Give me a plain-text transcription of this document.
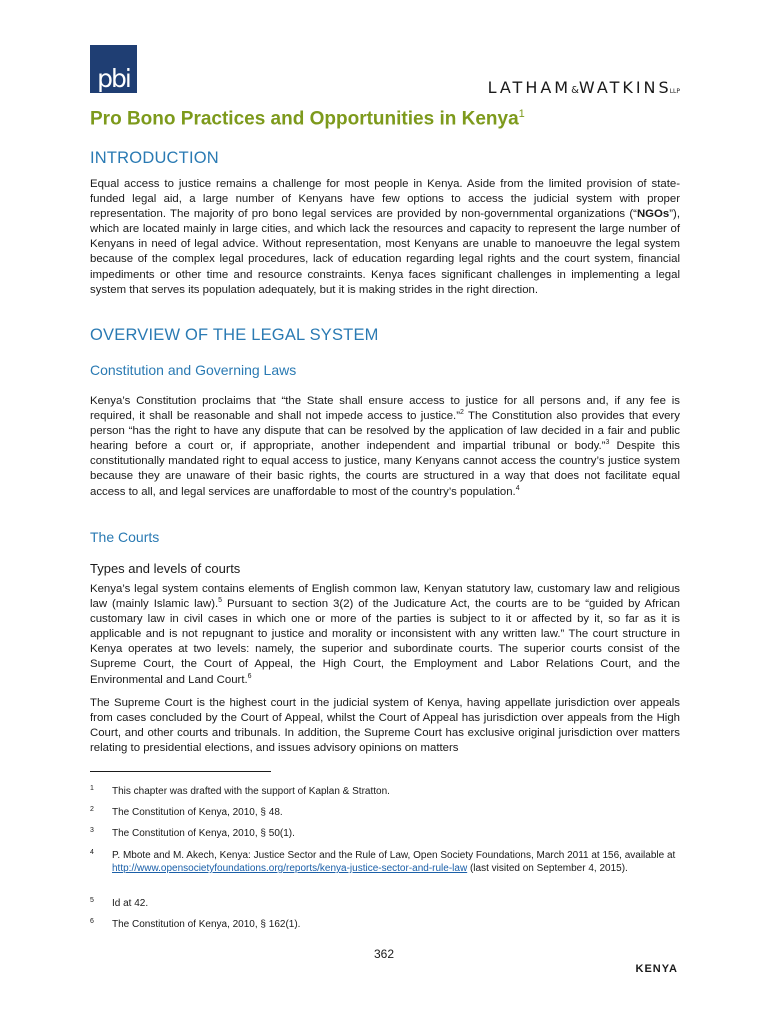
pbi	LATHAM&WATKINSLLP
Pro Bono Practices and Opportunities in Kenya$^1$
INTRODUCTION

Equal access to justice remains a challenge for most people in Kenya. Aside from the limited provision of state-funded legal aid, a large number of Kenyans have few options to access the judicial system with proper representation. The majority of pro bono legal services are provided by non-governmental organizations (“NGOs”), which are located mainly in large cities, and which lack the resources and capacity to represent the large number of Kenyans in need of legal advice. Without representation, most Kenyans are unable to manoeuvre the legal system because of the complex legal procedures, lack of education regarding legal rights and the court system, financial impediments or other time and resource constraints. Kenya faces significant challenges in implementing a legal system that serves its population adequately, but it is making strides in the right direction.

OVERVIEW OF THE LEGAL SYSTEM
Constitution and Governing Laws

Kenya’s Constitution proclaims that “the State shall ensure access to justice for all persons and, if any fee is required, it shall be reasonable and shall not impede access to justice.”$^2$ The Constitution also provides that every person “has the right to have any dispute that can be resolved by the application of law decided in a fair and public hearing before a court or, if appropriate, another independent and impartial tribunal or body.”$^3$ Despite this constitutionally mandated right to equal access to justice, many Kenyans cannot access the country’s justice system because they are unaware of their basic rights, the courts are structured in a way that does not facilitate equal access to all, and legal services are unaffordable to most of the country’s population.$^4$

The Courts
Types and levels of courts

Kenya’s legal system contains elements of English common law, Kenyan statutory law, customary law and religious law (mainly Islamic law).$^5$ Pursuant to section 3(2) of the Judicature Act, the courts are to be “guided by African customary law in civil cases in which one or more of the parties is subject to it or affected by it, so far as it is applicable and is not repugnant to justice and morality or inconsistent with any written law.” The court structure in Kenya operates at two levels: namely, the superior and subordinate courts. The superior courts consist of the Supreme Court, the Court of Appeal, the High Court, the Employment and Labor Relations Court, and the Environmental and Land Court.$^6$

The Supreme Court is the highest court in the judicial system of Kenya, having appellate jurisdiction over appeals from cases concluded by the Court of Appeal, whilst the Court of Appeal has jurisdiction over appeals from the High Court, and other courts and tribunals. In addition, the Supreme Court has exclusive original jurisdiction over matters relating to presidential elections, and issues advisory opinions on matters

1 This chapter was drafted with the support of Kaplan & Stratton.
2 The Constitution of Kenya, 2010, § 48.
3 The Constitution of Kenya, 2010, § 50(1).
4 P. Mbote and M. Akech, Kenya: Justice Sector and the Rule of Law, Open Society Foundations, March 2011 at 156, available at http://www.opensocietyfoundations.org/reports/kenya-justice-sector-and-rule-law (last visited on September 4, 2015).
5 Id at 42.
6 The Constitution of Kenya, 2010, § 162(1).
362
KENYA
